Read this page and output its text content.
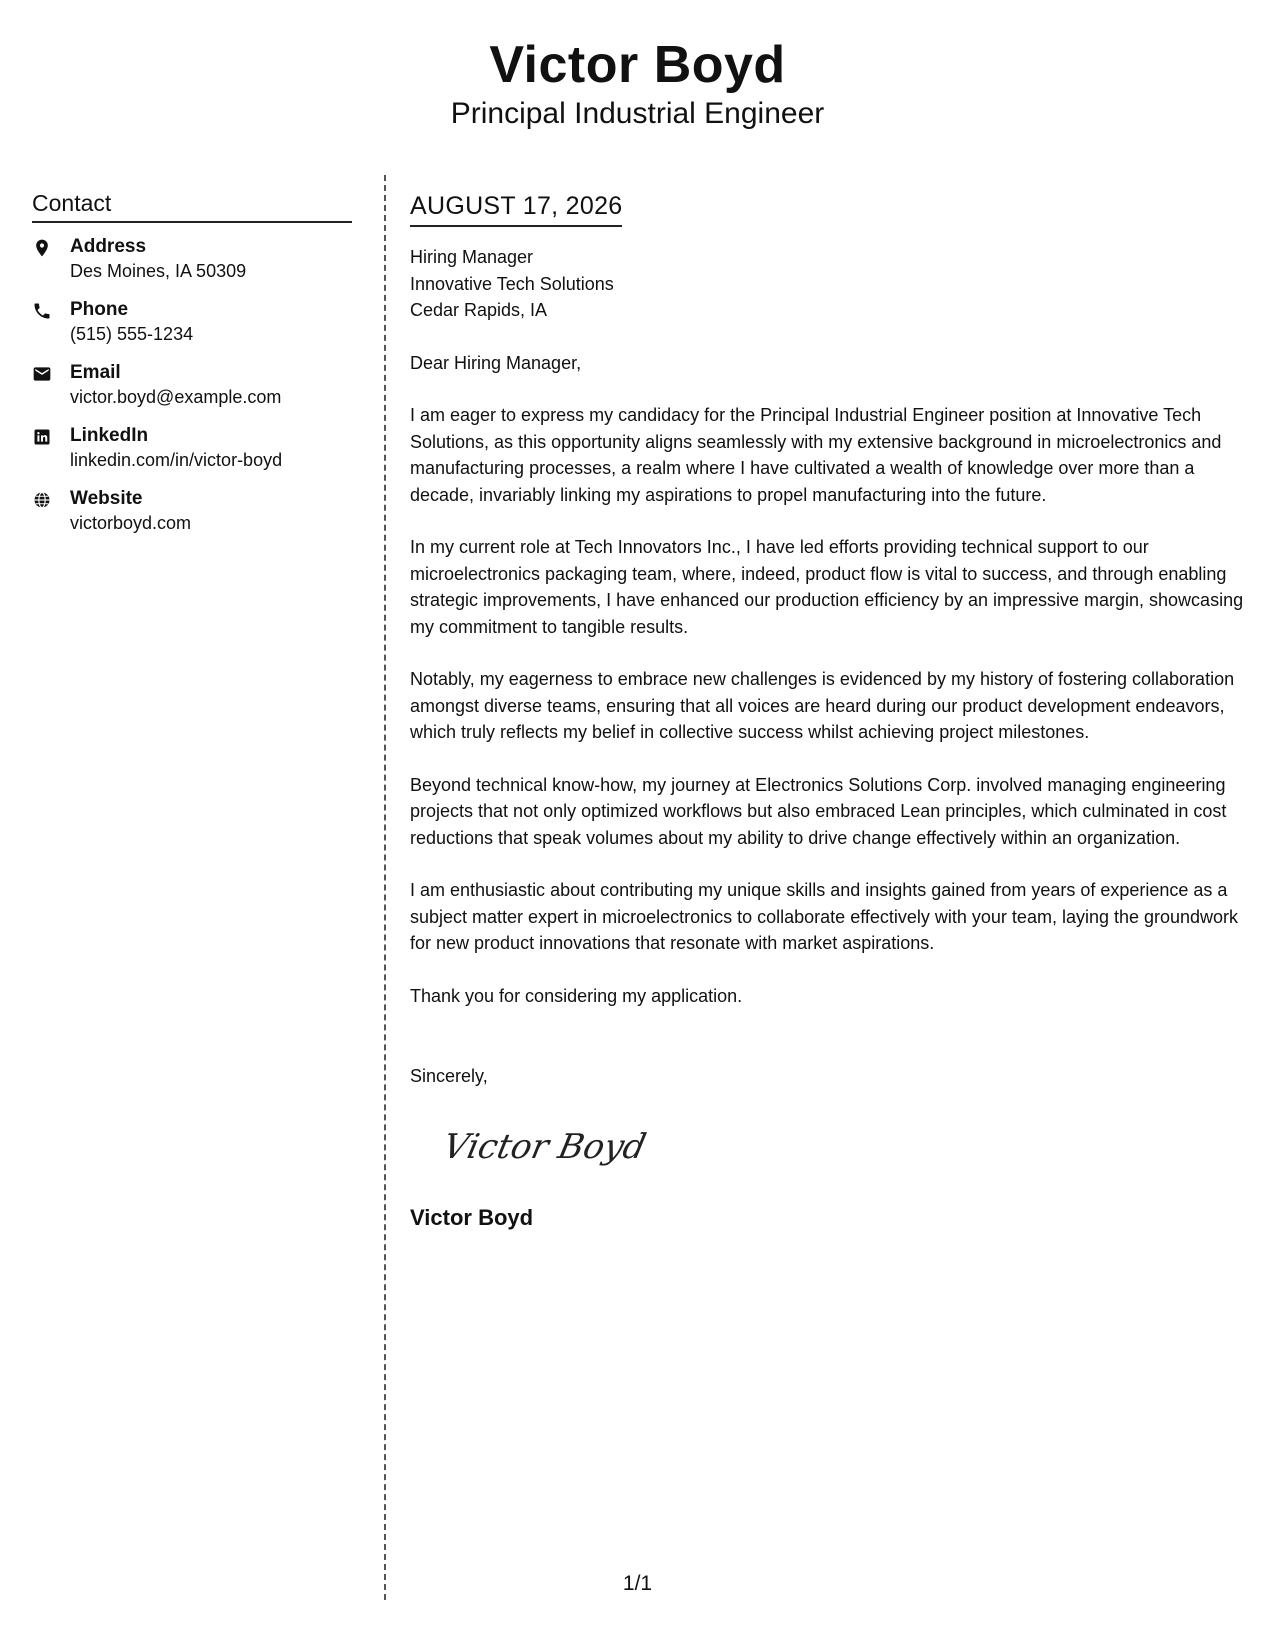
Victor Boyd
Principal Industrial Engineer
Contact
Address
Des Moines, IA 50309
Phone
(515) 555-1234
Email
victor.boyd@example.com
LinkedIn
linkedin.com/in/victor-boyd
Website
victorboyd.com
AUGUST 17, 2026
Hiring Manager
Innovative Tech Solutions
Cedar Rapids, IA

Dear Hiring Manager,

I am eager to express my candidacy for the Principal Industrial Engineer position at Innovative Tech Solutions, as this opportunity aligns seamlessly with my extensive background in microelectronics and manufacturing processes, a realm where I have cultivated a wealth of knowledge over more than a decade, invariably linking my aspirations to propel manufacturing into the future.

In my current role at Tech Innovators Inc., I have led efforts providing technical support to our microelectronics packaging team, where, indeed, product flow is vital to success, and through enabling strategic improvements, I have enhanced our production efficiency by an impressive margin, showcasing my commitment to tangible results.

Notably, my eagerness to embrace new challenges is evidenced by my history of fostering collaboration amongst diverse teams, ensuring that all voices are heard during our product development endeavors, which truly reflects my belief in collective success whilst achieving project milestones.

Beyond technical know-how, my journey at Electronics Solutions Corp. involved managing engineering projects that not only optimized workflows but also embraced Lean principles, which culminated in cost reductions that speak volumes about my ability to drive change effectively within an organization.

I am enthusiastic about contributing my unique skills and insights gained from years of experience as a subject matter expert in microelectronics to collaborate effectively with your team, laying the groundwork for new product innovations that resonate with market aspirations.

Thank you for considering my application.

Sincerely,
Victor Boyd
Victor Boyd
1/1
